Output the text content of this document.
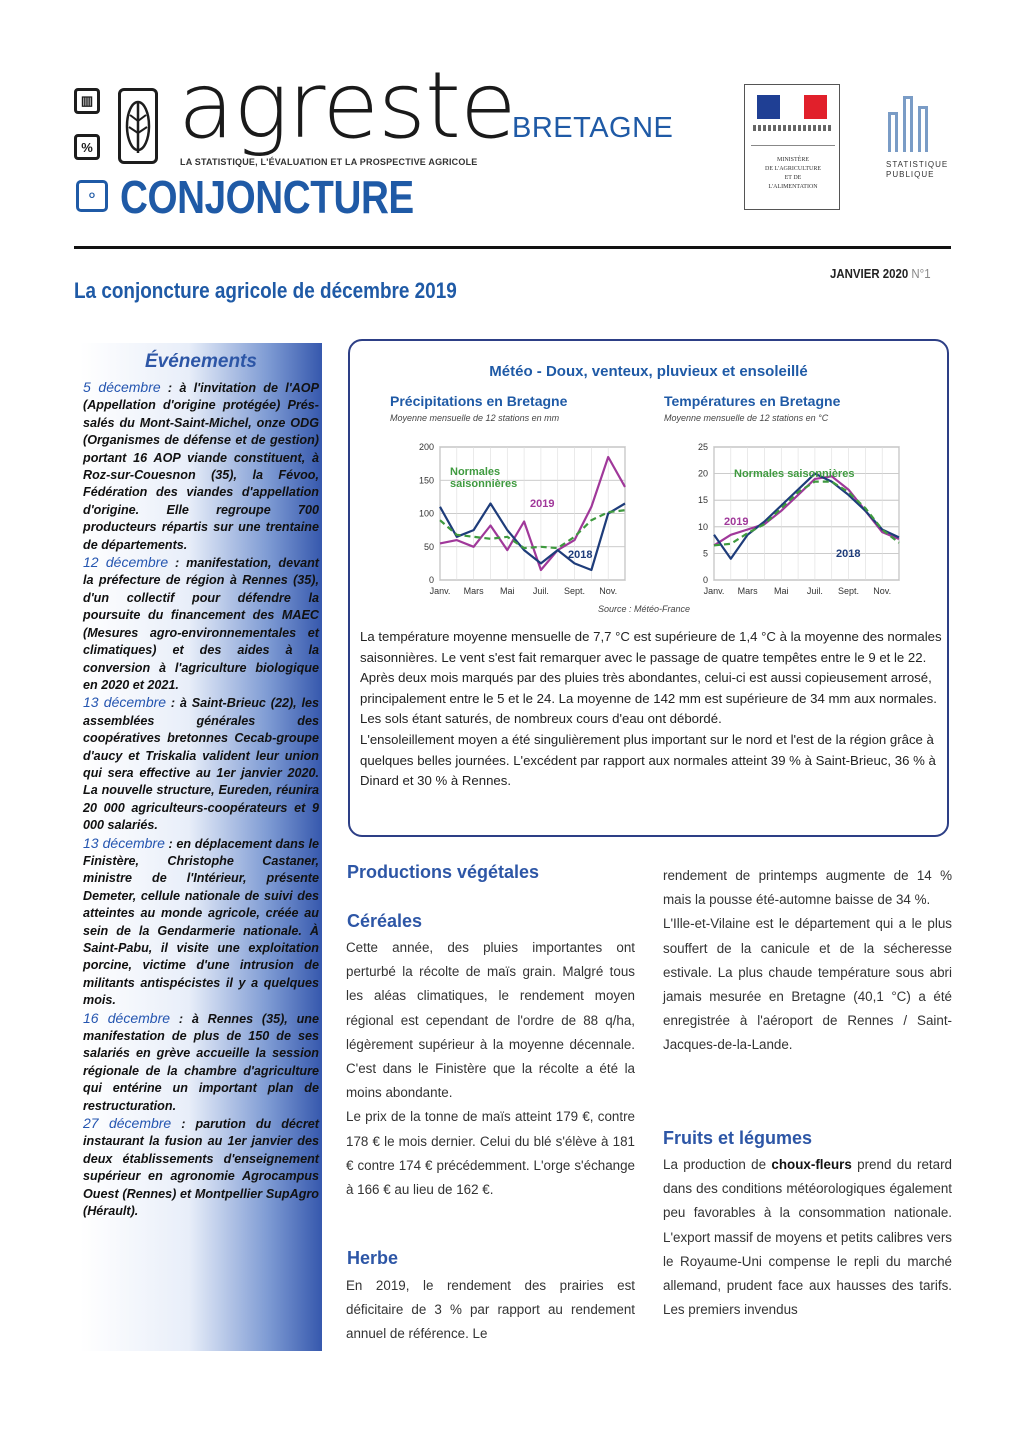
▥
% agreste
LA STATISTIQUE, L'ÉVALUATION ET LA PROSPECTIVE AGRICOLE
BRETAGNE
⚬ CONJONCTURE
MINISTÈRE
DE L'AGRICULTURE
ET DE
L'ALIMENTATION
STATISTIQUE
PUBLIQUE
La conjoncture agricole de décembre 2019
JANVIER 2020 N°1
Événements

5 décembre : à l'invitation de l'AOP (Appellation d'origine protégée) Prés-salés du Mont-Saint-Michel, onze ODG (Organismes de défense et de gestion) portant 16 AOP viande constituent, à Roz-sur-Couesnon (35), la Févoo, Fédération des viandes d'appellation d'origine. Elle regroupe 700 producteurs répartis sur une trentaine de départements.

12 décembre : manifestation, devant la préfecture de région à Rennes (35), d'un collectif pour défendre la poursuite du financement des MAEC (Mesures agro-environnementales et climatiques) et des aides à la conversion à l'agriculture biologique en 2020 et 2021.

13 décembre : à Saint-Brieuc (22), les assemblées générales des coopératives bretonnes Cecab-groupe d'aucy et Triskalia valident leur union qui sera effective au 1er janvier 2020. La nouvelle structure, Eureden, réunira 20 000 agriculteurs-coopérateurs et 9 000 salariés.

13 décembre : en déplacement dans le Finistère, Christophe Castaner, ministre de l'Intérieur, présente Demeter, cellule nationale de suivi des atteintes au monde agricole, créée au sein de la Gendarmerie nationale. À Saint-Pabu, il visite une exploitation porcine, victime d'une intrusion de militants antispécistes il y a quelques mois.

16 décembre : à Rennes (35), une manifestation de plus de 150 de ses salariés en grève accueille la session régionale de la chambre d'agriculture qui entérine un important plan de restructuration.

27 décembre : parution du décret instaurant la fusion au 1er janvier des deux établissements d'enseignement supérieur en agronomie Agrocampus Ouest (Rennes) et Montpellier SupAgro (Hérault).

Météo - Doux, venteux, pluvieux et ensoleillé
Précipitations en Bretagne
Moyenne mensuelle de 12 stations en mm
Températures en Bretagne
Moyenne mensuelle de 12 stations en °C
0
50
100
150
200
Janv. Mars Mai Juil. Sept. Nov.
Normales
saisonnières
2019
2018
0
5
10
15
20
25
Janv. Mars Mai Juil. Sept. Nov.
Normales saisonnières
2019
2018
Source : Météo-France

La température moyenne mensuelle de 7,7 °C est supérieure de 1,4 °C à la moyenne des normales saisonnières. Le vent s'est fait remarquer avec le passage de quatre tempêtes entre le 9 et le 22.

Après deux mois marqués par des pluies très abondantes, celui-ci est aussi copieusement arrosé, principalement entre le 5 et le 24. La moyenne de 142 mm est supérieure de 34 mm aux normales. Les sols étant saturés, de nombreux cours d'eau ont débordé.

L'ensoleillement moyen a été singulièrement plus important sur le nord et l'est de la région grâce à quelques belles journées. L'excédent par rapport aux normales atteint 39 % à Saint-Brieuc, 36 % à Dinard et 30 % à Rennes.

Productions végétales
Céréales

Cette année, des pluies importantes ont perturbé la récolte de maïs grain. Malgré tous les aléas climatiques, le rendement moyen régional est cependant de l'ordre de 88 q/ha, légèrement supérieur à la moyenne décennale. C'est dans le Finistère que la récolte a été la moins abondante.

Le prix de la tonne de maïs atteint 179 €, contre 178 € le mois dernier. Celui du blé s'élève à 181 € contre 174 € précédemment. L'orge s'échange à 166 € au lieu de 162 €.

Herbe

En 2019, le rendement des prairies est déficitaire de 3 % par rapport au rendement annuel de référence. Le

rendement de printemps augmente de 14 % mais la pousse été-automne baisse de 34 %.

L'Ille-et-Vilaine est le département qui a le plus souffert de la canicule et de la sécheresse estivale. La plus chaude température sous abri jamais mesurée en Bretagne (40,1 °C) a été enregistrée à l'aéroport de Rennes / Saint-Jacques-de-la-Lande.

Fruits et légumes

La production de choux-fleurs prend du retard dans des conditions météorologiques également peu favorables à la consommation nationale. L'export massif de moyens et petits calibres vers le Royaume-Uni compense le repli du marché allemand, prudent face aux hausses des tarifs. Les premiers invendus
